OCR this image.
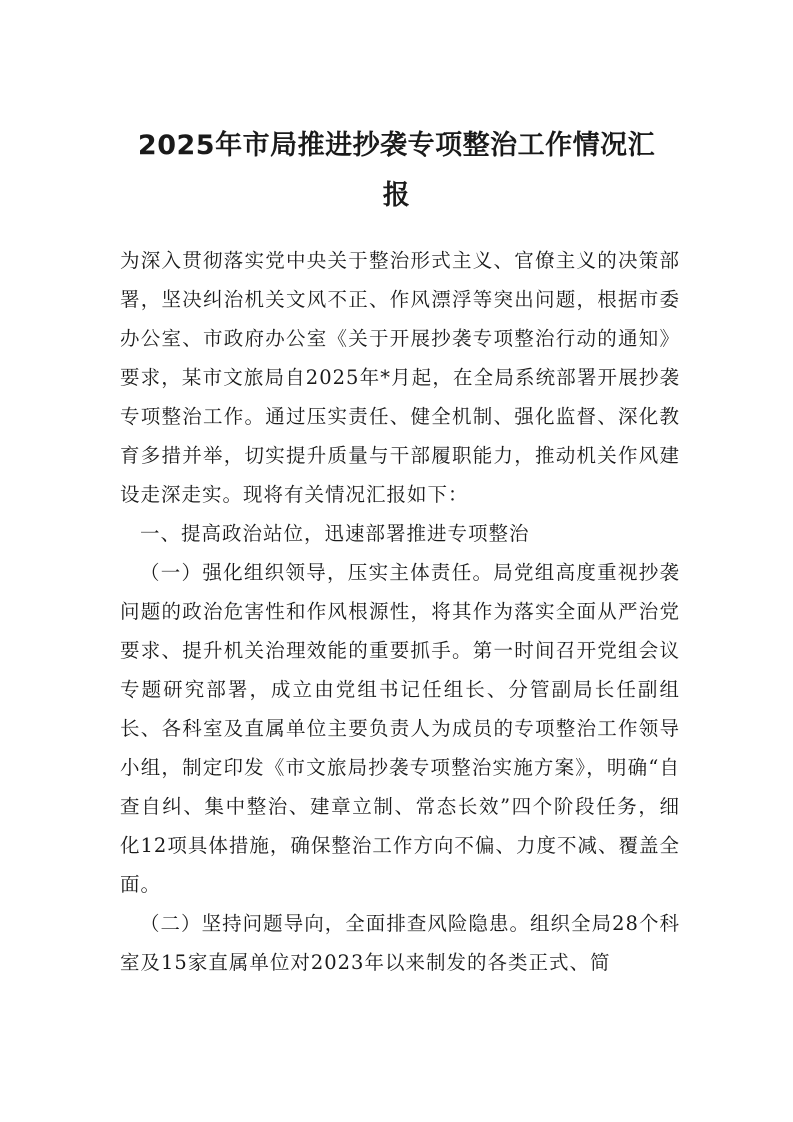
2025年市局推进抄袭专项整治工作情况汇
报

为深入贯彻落实党中央关于整治形式主义、官僚主义的决策部署，坚决纠治机关文风不正、作风漂浮等突出问题，根据市委办公室、市政府办公室《关于开展抄袭专项整治行动的通知》要求，某市文旅局自2025年*月起，在全局系统部署开展抄袭专项整治工作。通过压实责任、健全机制、强化监督、深化教育多措并举，切实提升质量与干部履职能力，推动机关作风建设走深走实。现将有关情况汇报如下：

一、提高政治站位，迅速部署推进专项整治

（一）强化组织领导，压实主体责任。局党组高度重视抄袭问题的政治危害性和作风根源性，将其作为落实全面从严治党要求、提升机关治理效能的重要抓手。第一时间召开党组会议专题研究部署，成立由党组书记任组长、分管副局长任副组长、各科室及直属单位主要负责人为成员的专项整治工作领导小组，制定印发《市文旅局抄袭专项整治实施方案》，明确“自查自纠、集中整治、建章立制、常态长效”四个阶段任务，细化12项具体措施，确保整治工作方向不偏、力度不减、覆盖全面。

（二）坚持问题导向，全面排查风险隐患。组织全局28个科室及15家直属单位对2023年以来制发的各类正式、简
